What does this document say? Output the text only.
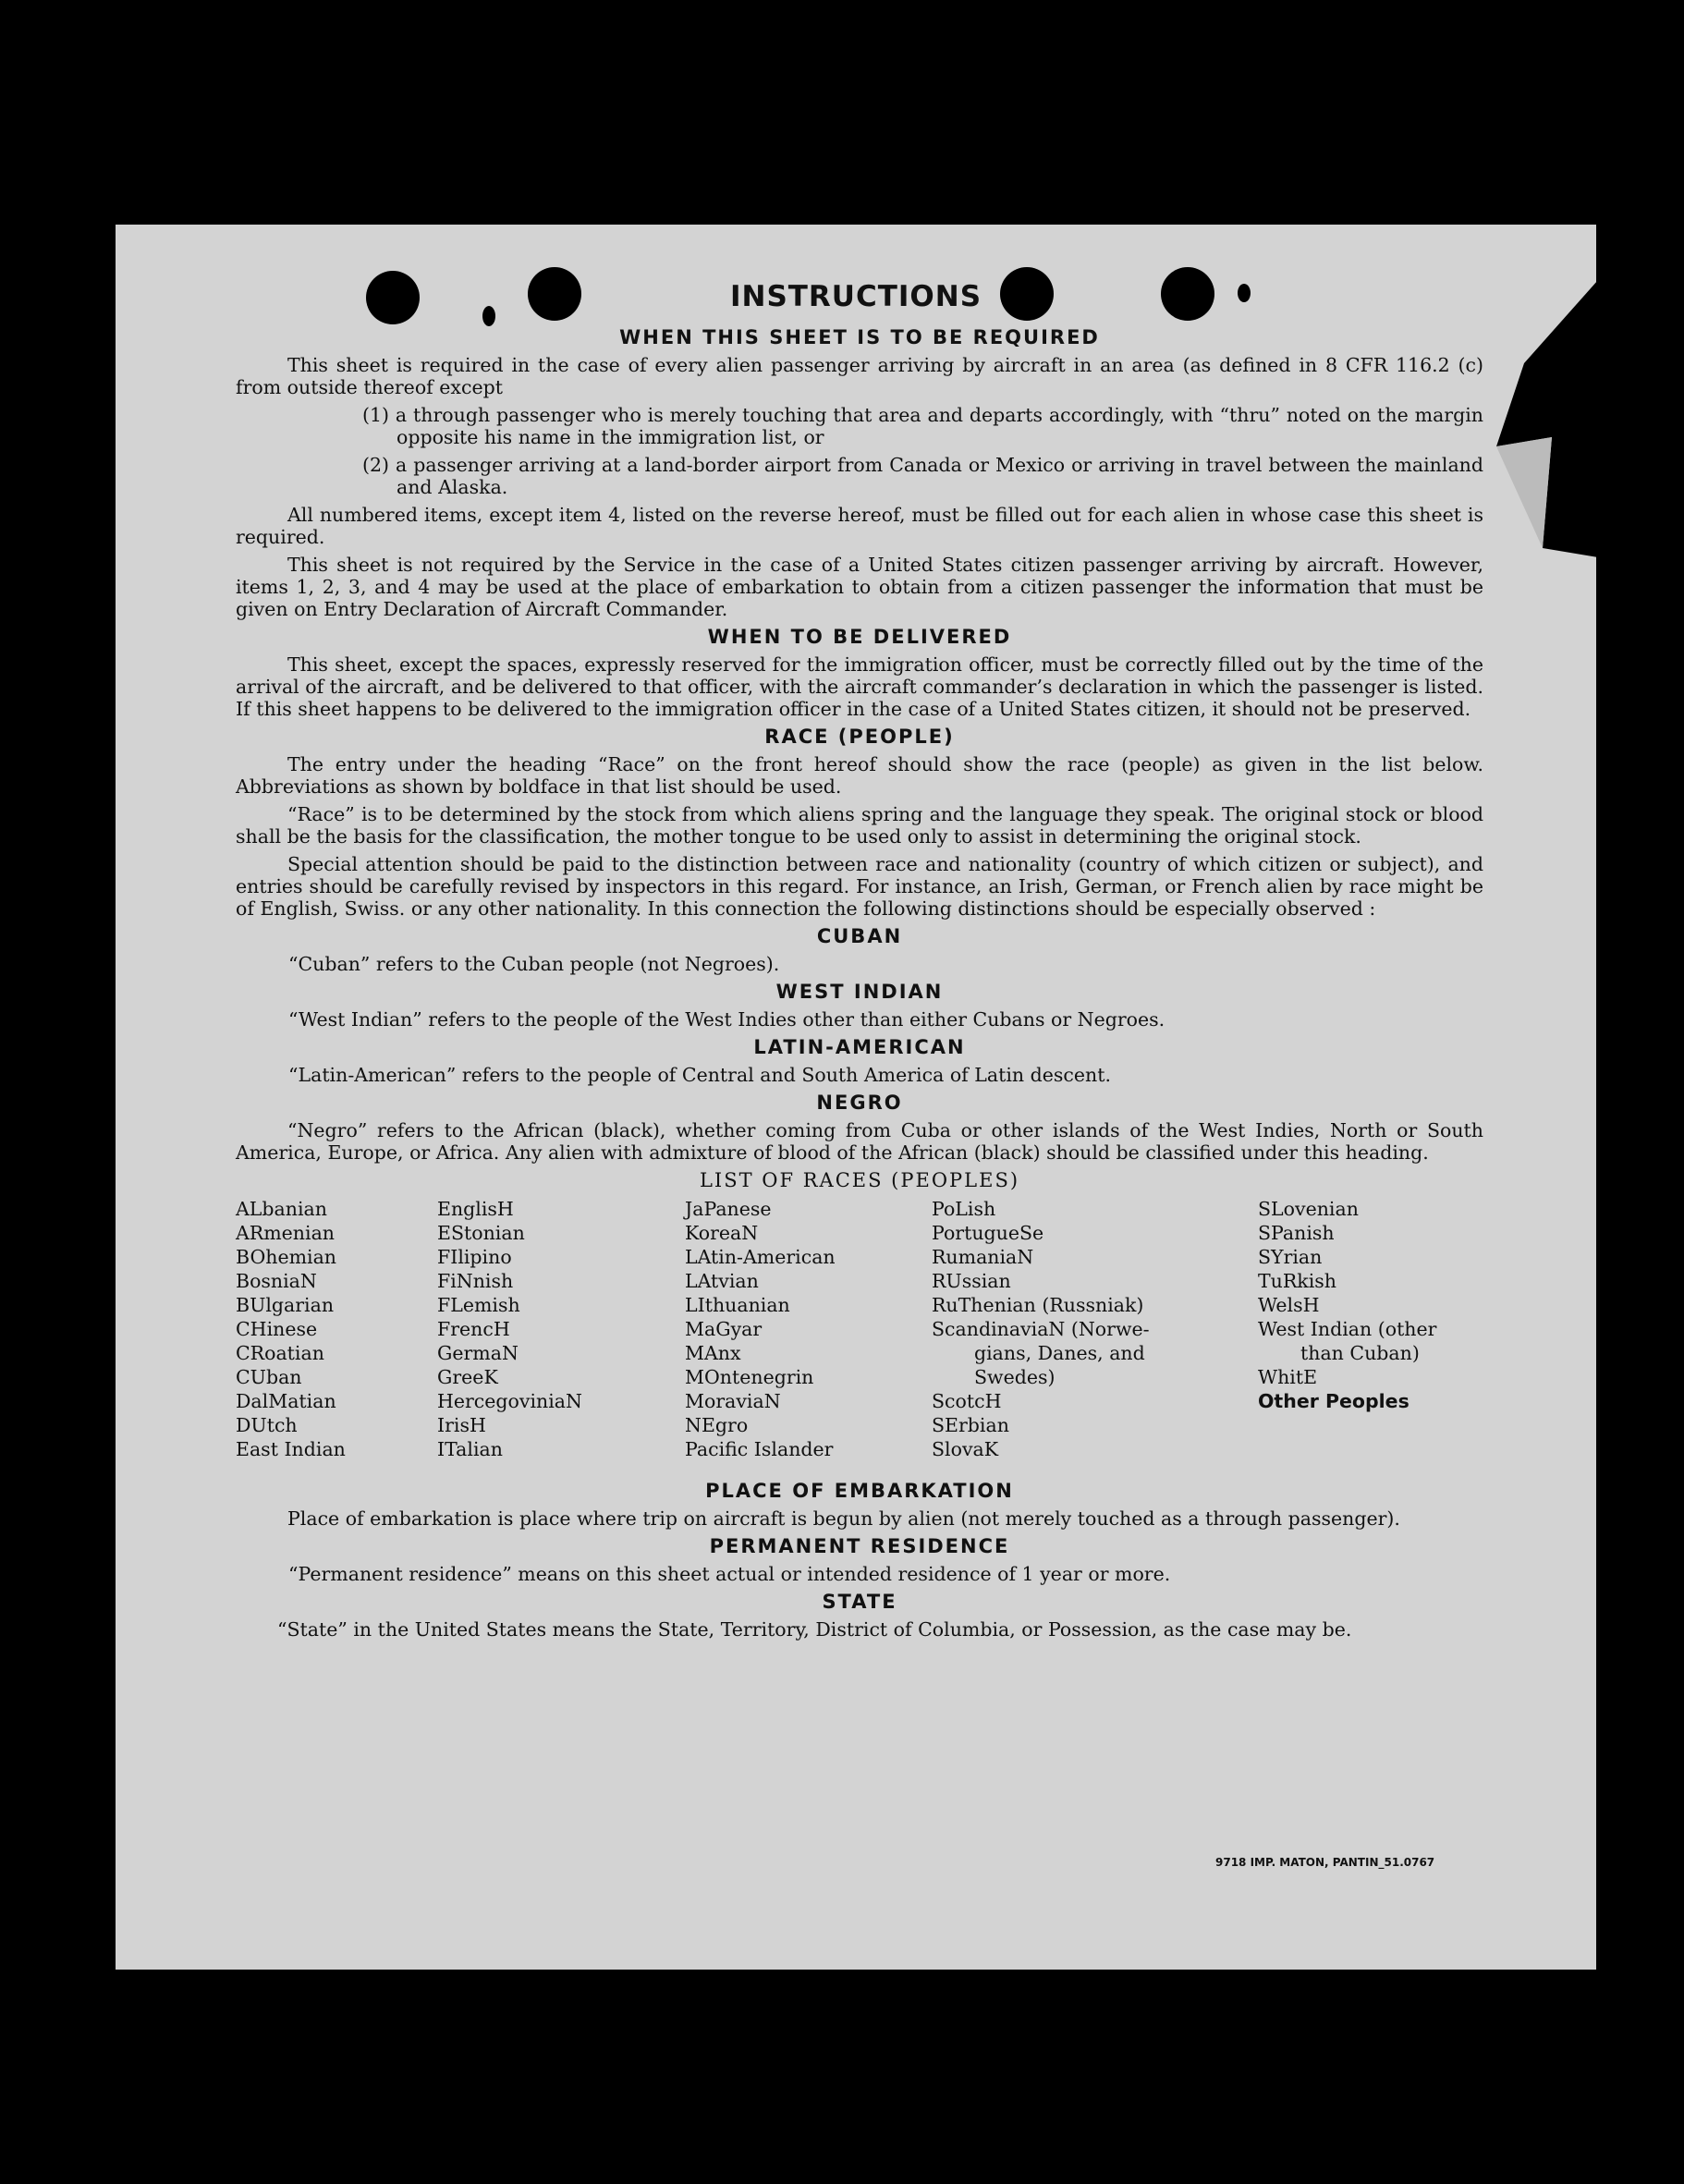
INSTRUCTIONS
WHEN THIS SHEET IS TO BE REQUIRED

This sheet is required in the case of every alien passenger arriving by aircraft in an area (as defined in 8 CFR 116.2 (c) from outside thereof except

(1) a through passenger who is merely touching that area and departs accordingly, with “thru” noted on the margin opposite his name in the immigration list, or

(2) a passenger arriving at a land-border airport from Canada or Mexico or arriving in travel between the mainland and Alaska.

All numbered items, except item 4, listed on the reverse hereof, must be filled out for each alien in whose case this sheet is required.

This sheet is not required by the Service in the case of a United States citizen passenger arriving by aircraft. However, items 1, 2, 3, and 4 may be used at the place of embarkation to obtain from a citizen passenger the information that must be given on Entry Declaration of Aircraft Commander.

WHEN TO BE DELIVERED

This sheet, except the spaces, expressly reserved for the immigration officer, must be correctly filled out by the time of the arrival of the aircraft, and be delivered to that officer, with the aircraft commander’s declaration in which the passenger is listed. If this sheet happens to be delivered to the immigration officer in the case of a United States citizen, it should not be preserved.

RACE (PEOPLE)

The entry under the heading “Race” on the front hereof should show the race (people) as given in the list below. Abbreviations as shown by boldface in that list should be used.

“Race” is to be determined by the stock from which aliens spring and the language they speak. The original stock or blood shall be the basis for the classification, the mother tongue to be used only to assist in determining the original stock.

Special attention should be paid to the distinction between race and nationality (country of which citizen or subject), and entries should be carefully revised by inspectors in this regard. For instance, an Irish, German, or French alien by race might be of English, Swiss. or any other nationality. In this connection the following distinctions should be especially observed :

CUBAN

“Cuban” refers to the Cuban people (not Negroes).

WEST INDIAN

“West Indian” refers to the people of the West Indies other than either Cubans or Negroes.

LATIN-AMERICAN

“Latin-American” refers to the people of Central and South America of Latin descent.

NEGRO

“Negro” refers to the African (black), whether coming from Cuba or other islands of the West Indies, North or South America, Europe, or Africa. Any alien with admixture of blood of the African (black) should be classified under this heading.

LIST OF RACES (PEOPLES)
ALbanian
ARmenian
BOhemian
BosniaN
BUlgarian
CHinese
CRoatian
CUban
DalMatian
DUtch
East Indian
EnglisH
EStonian
FIlipino
FiNnish
FLemish
FrencH
GermaN
GreeK
HercegoviniaN
IrisH
ITalian
JaPanese
KoreaN
LAtin-American
LAtvian
LIthuanian
MaGyar
MAnx
MOntenegrin
MoraviaN
NEgro
Pacific Islander
PoLish
PortugueSe
RumaniaN
RUssian
RuThenian (Russniak)
ScandinaviaN (Norwe-
gians, Danes, and
Swedes)
ScotcH
SErbian
SlovaK
SLovenian
SPanish
SYrian
TuRkish
WelsH
West Indian (other
than Cuban)
WhitE
Other Peoples
PLACE OF EMBARKATION

Place of embarkation is place where trip on aircraft is begun by alien (not merely touched as a through passenger).

PERMANENT RESIDENCE

“Permanent residence” means on this sheet actual or intended residence of 1 year or more.

STATE

“State” in the United States means the State, Territory, District of Columbia, or Possession, as the case may be.

9718 IMP. MATON, PANTIN_51.0767
